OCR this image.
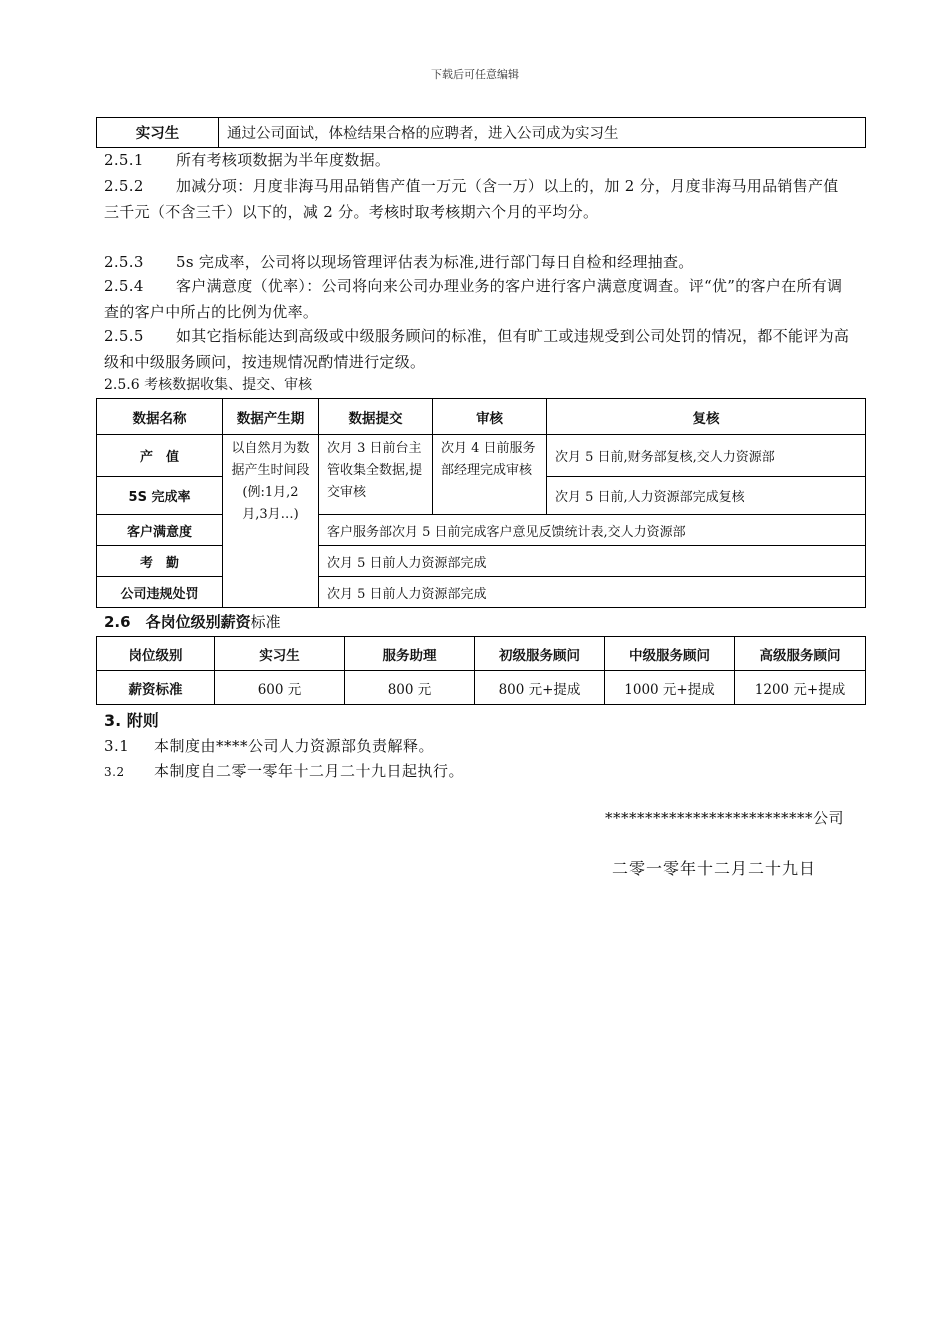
下载后可任意编辑
实习生	通过公司面试，体检结果合格的应聘者，进入公司成为实习生
2.5.1 所有考核项数据为半年度数据。
2.5.2 加减分项：月度非海马用品销售产值一万元（含一万）以上的，加 2 分，月度非海马用品销售产值三千元（不含三千）以下的，减 2 分。考核时取考核期六个月的平均分。
2.5.3 5s 完成率，公司将以现场管理评估表为标准,进行部门每日自检和经理抽查。
2.5.4 客户满意度（优率）：公司将向来公司办理业务的客户进行客户满意度调查。评“优”的客户在所有调查的客户中所占的比例为优率。
2.5.5 如其它指标能达到高级或中级服务顾问的标准，但有旷工或违规受到公司处罚的情况，都不能评为高级和中级服务顾问，按违规情况酌情进行定级。
2.5.6 考核数据收集、提交、审核
数据名称	数据产生期	数据提交	审核	复核
产　值	以自然月为数据产生时间段(例:1月,2月,3月…)	次月 3 日前台主管收集全数据,提交审核	次月 4 日前服务部经理完成审核	次月 5 日前,财务部复核,交人力资源部
5S 完成率				次月 5 日前,人力资源部完成复核
客户满意度		客户服务部次月 5 日前完成客户意见反馈统计表,交人力资源部		
考　勤		次月 5 日前人力资源部完成		
公司违规处罚		次月 5 日前人力资源部完成		
2.6　各岗位级别薪资标准
岗位级别	实习生	服务助理	初级服务顾问	中级服务顾问	高级服务顾问
薪资标准	600 元	800 元	800 元+提成	1000 元+提成	1200 元+提成
3. 附则
3.1 本制度由****公司人力资源部负责解释。
3.2 本制度自二零一零年十二月二十九日起执行。
**************************公司
二零一零年十二月二十九日
